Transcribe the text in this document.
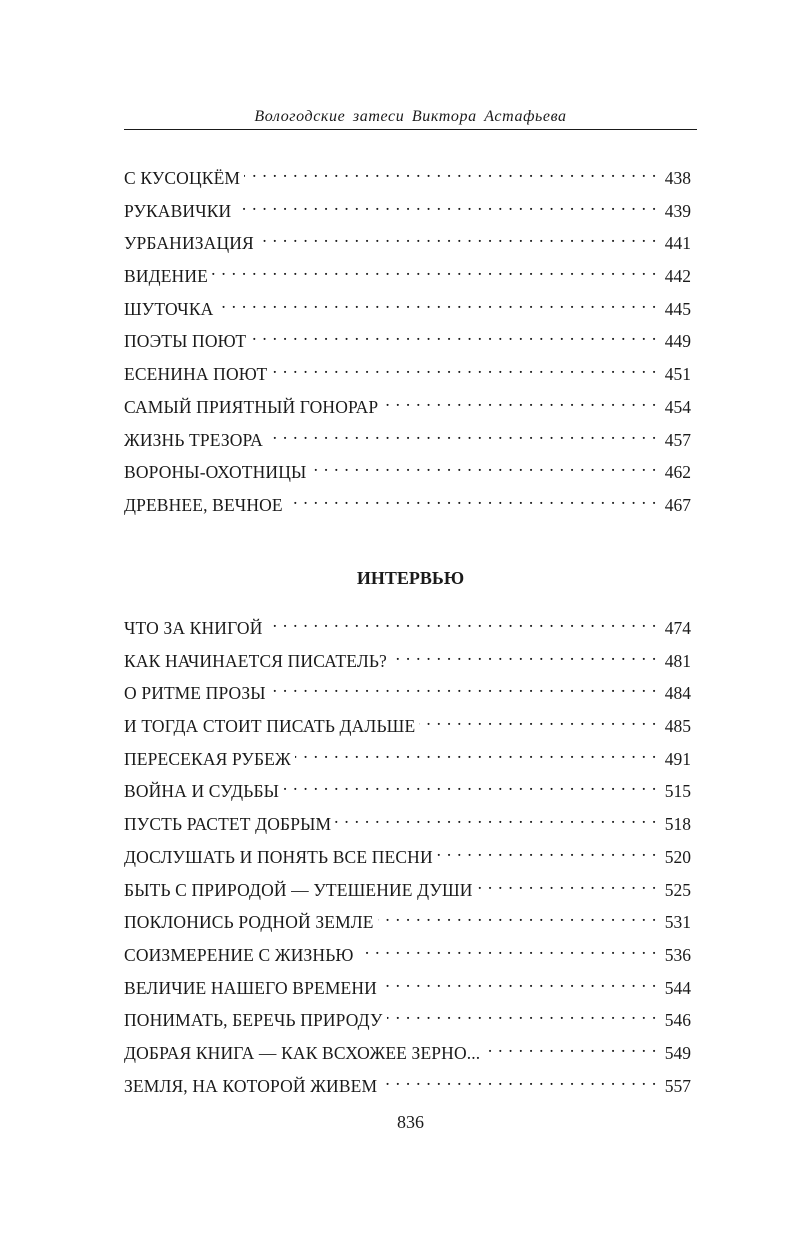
Вологодские затеси Виктора Астафьева
С КУСОЦКЁМ . . .	438
РУКАВИЧКИ . . .	439
УРБАНИЗАЦИЯ . . .	441
ВИДЕНИЕ . . .	442
ШУТОЧКА . . .	445
ПОЭТЫ ПОЮТ . . .	449
ЕСЕНИНА ПОЮТ . . .	451
САМЫЙ ПРИЯТНЫЙ ГОНОРАР . . .	454
ЖИЗНЬ ТРЕЗОРА . . .	457
ВОРОНЫ-ОХОТНИЦЫ . . .	462
ДРЕВНЕЕ, ВЕЧНОЕ . . .	467
ИНТЕРВЬЮ
ЧТО ЗА КНИГОЙ . . .	474
КАК НАЧИНАЕТСЯ ПИСАТЕЛЬ? . . .	481
О РИТМЕ ПРОЗЫ . . .	484
И ТОГДА СТОИТ ПИСАТЬ ДАЛЬШЕ . . .	485
ПЕРЕСЕКАЯ РУБЕЖ . . .	491
ВОЙНА И СУДЬБЫ . . .	515
ПУСТЬ РАСТЕТ ДОБРЫМ . . .	518
ДОСЛУШАТЬ И ПОНЯТЬ ВСЕ ПЕСНИ . . .	520
БЫТЬ С ПРИРОДОЙ — УТЕШЕНИЕ ДУШИ . . .	525
ПОКЛОНИСЬ РОДНОЙ ЗЕМЛЕ . . .	531
СОИЗМЕРЕНИЕ С ЖИЗНЬЮ . . .	536
ВЕЛИЧИЕ НАШЕГО ВРЕМЕНИ . . .	544
ПОНИМАТЬ, БЕРЕЧЬ ПРИРОДУ . . .	546
ДОБРАЯ КНИГА — КАК ВСХОЖЕЕ ЗЕРНО... . . .	549
ЗЕМЛЯ, НА КОТОРОЙ ЖИВЕМ . . .	557
836
